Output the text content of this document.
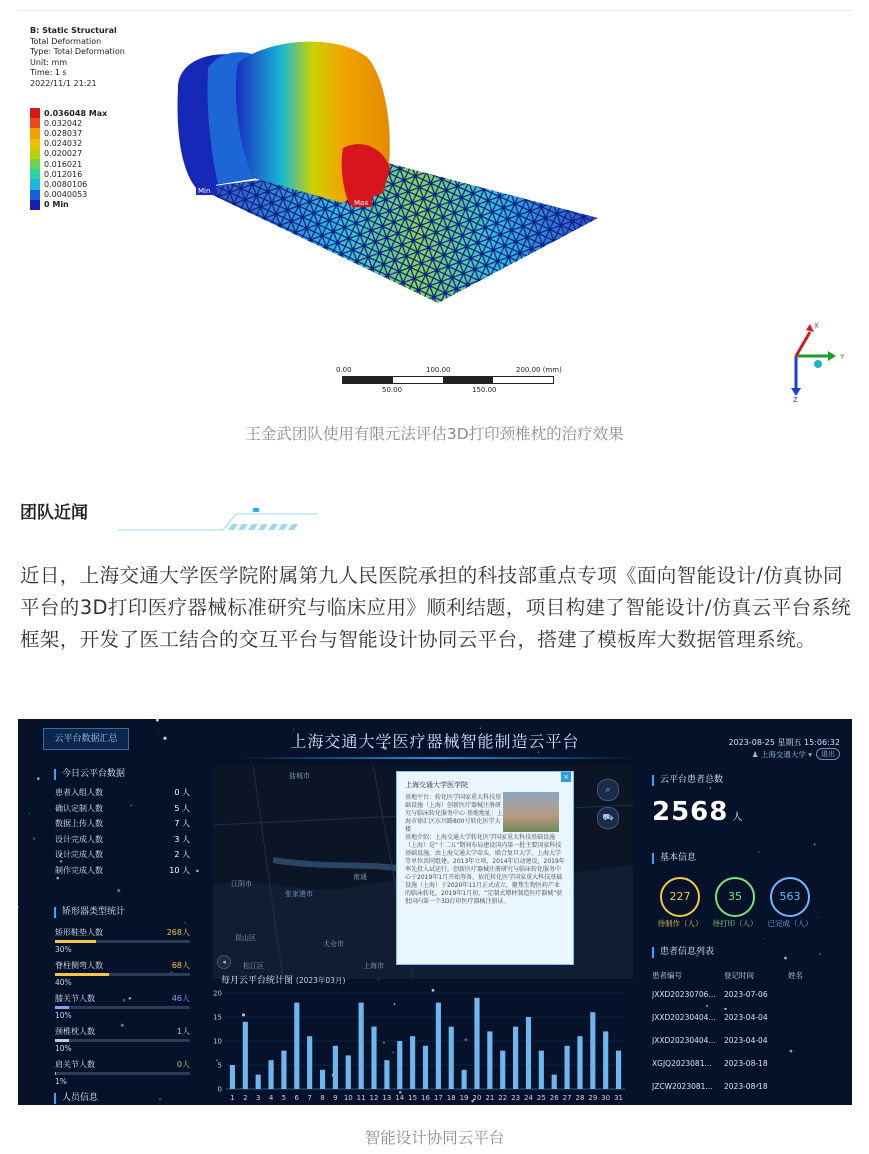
B: Static Structural
Total Deformation
Type: Total Deformation
Unit: mm
Time: 1 s
2022/11/1 21:21
0.036048 Max
0.032042
0.028037
0.024032
0.020027
0.016021
0.012016
0.0080106
0.0040053
0 Min
Min
Max
0.00	100.00	200.00 (mm)
50.00	150.00
X
Y
Z
王金武团队使用有限元法评估3D打印颈椎枕的治疗效果
团队近闻
近日，上海交通大学医学院附属第九人民医院承担的科技部重点专项《面向智能设计/仿真协同平台的3D打印医疗器械标准研究与临床应用》顺利结题，项目构建了智能设计/仿真云平台系统框架，开发了医工结合的交互平台与智能设计协同云平台，搭建了模板库大数据管理系统。
云平台数据汇总	上海交通大学医疗器械智能制造云平台	2023-08-25 星期五 15:06:32
♟ 上海交通大学 ▾	退出
今日云平台数据
患者入组人数	0 人
确认定制人数	5 人
数据上传人数	7 人
设计完成人数	3 人
设计完成人数	2 人
制作完成人数	10 人
矫形器类型统计
矫形鞋垫人数	268人
30%
脊柱侧弯人数	68人
40%
膝关节人数	46人
10%
颈椎枕人数	1人
10%
肩关节人数	0人
1%
人员信息
盐城市
江阴市
南通
张家港市
昆山区
太仓市
松江区	上海市
⌕
⛟
◂
×
上海交通大学医学院
基地平台：转化医学国家重大科技基础设施（上海）创新医疗器械注册研究与临床转化服务中心 基地地址：上海市徐汇区东川路800号转化医学大楼
基地介绍：上海交通大学转化医学国家重大科技基础设施（上海）是“十二五”期间布局建设国内第一批主要国家科技基础设施，由上海交通大学牵头，联合复旦大学、上海大学等单位共同组建。2013年立项，2014年启动建设，2019年率先投入试运行。创新医疗器械注册研究与临床转化服务中心于2019年1月开始筹备，依托转化医学国家重大科技基础设施（上海）于2020年11月正式成立，聚焦生物医药产业的临床转化，2019年1月初，“定制式增材制造医疗器械”获批国内第一个3D打印医疗器械注册证。
每月云平台统计图 (2023年03月)
0
5
10
15
20
1 2 3 4 5 6 7 8 9 10 11 12 13 14 15 16 17 18 19 20 21 22 23 24 25 26 27 28 29 30 31
云平台患者总数
2568 人
基本信息
227
待制作（人）
35
待打印（人）
563
已完成（人）
患者信息列表
患者编号	登记时间	姓名
JXXD20230706...	2023-07-06
JXXD20230404...	2023-04-04
JXXD20230404...	2023-04-04
XGJQ2023081...	2023-08-18
JZCW2023081...	2023-08-18
智能设计协同云平台
